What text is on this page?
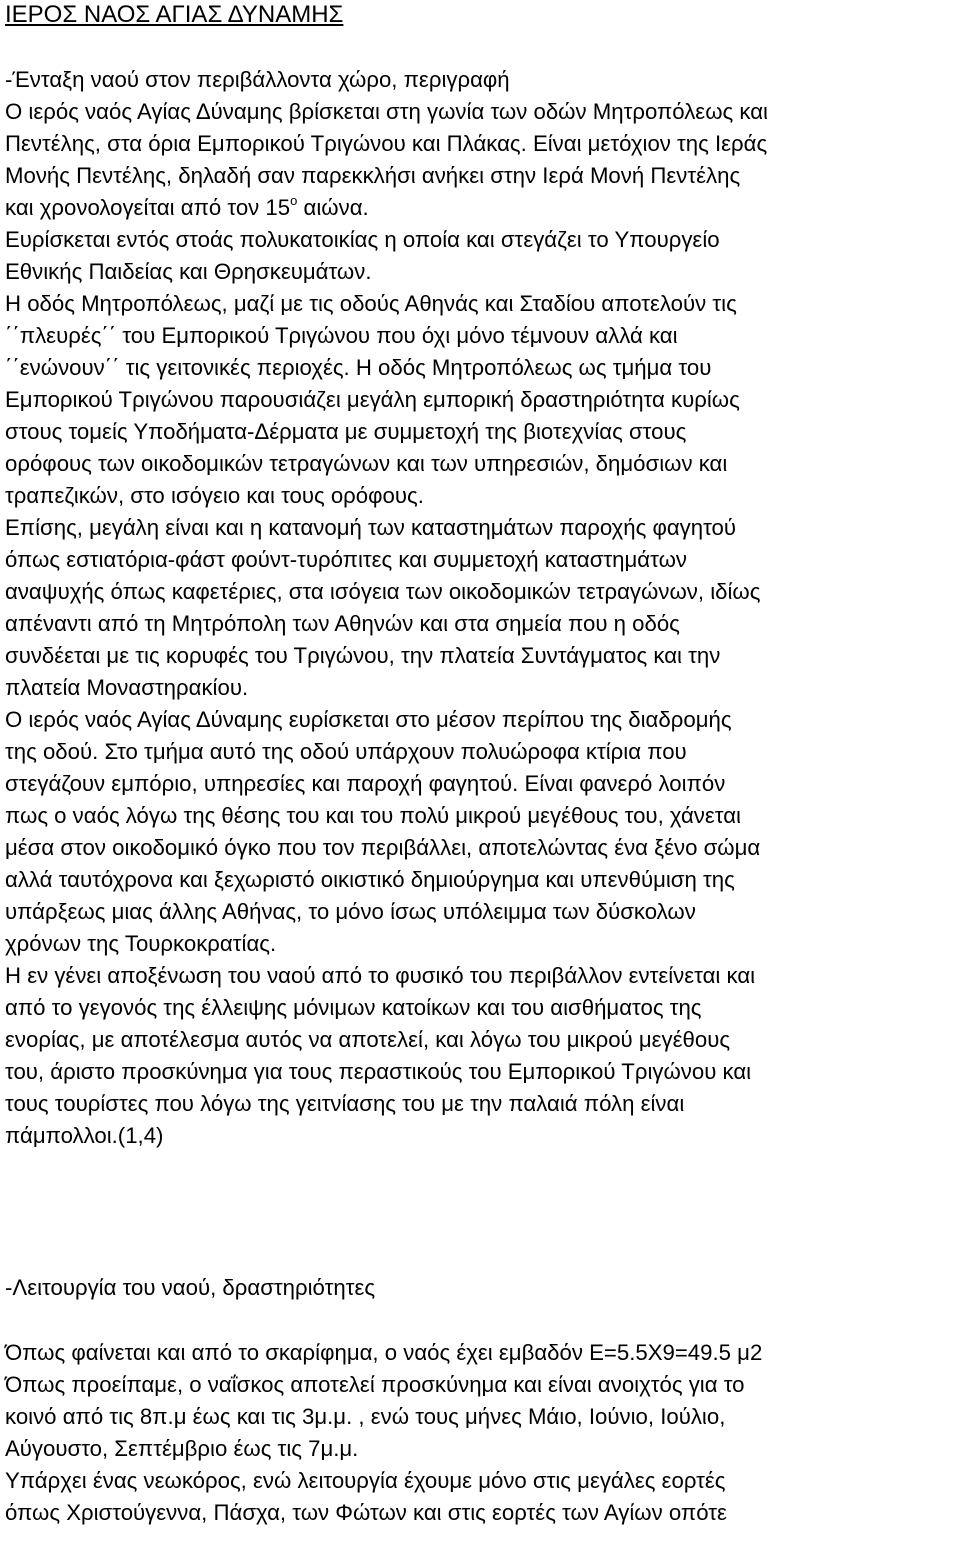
ΙΕΡΟΣ ΝΑΟΣ ΑΓΙΑΣ ΔΥΝΑΜΗΣ
-Ένταξη ναού στον περιβάλλοντα χώρο, περιγραφή
Ο ιερός ναός Αγίας Δύναμης βρίσκεται στη γωνία των οδών Μητροπόλεως και
Πεντέλης, στα όρια Εμπορικού Τριγώνου και Πλάκας. Είναι μετόχιον της Ιεράς
Μονής Πεντέλης, δηλαδή σαν παρεκκλήσι ανήκει στην Ιερά Μονή Πεντέλης
και χρονολογείται από τον $15^o$ αιώνα.
Ευρίσκεται εντός στοάς πολυκατοικίας η οποία και στεγάζει το Υπουργείο
Εθνικής Παιδείας και Θρησκευμάτων.
Η οδός Μητροπόλεως, μαζί με τις οδούς Αθηνάς και Σταδίου αποτελούν τις
΄΄πλευρές΄΄ του Εμπορικού Τριγώνου που όχι μόνο τέμνουν αλλά και
΄΄ενώνουν΄΄ τις γειτονικές περιοχές. Η οδός Μητροπόλεως ως τμήμα του
Εμπορικού Τριγώνου παρουσιάζει μεγάλη εμπορική δραστηριότητα κυρίως
στους τομείς Υποδήματα-Δέρματα με συμμετοχή της βιοτεχνίας στους
ορόφους των οικοδομικών τετραγώνων και των υπηρεσιών, δημόσιων και
τραπεζικών, στο ισόγειο και τους ορόφους.
Επίσης, μεγάλη είναι και η κατανομή των καταστημάτων παροχής φαγητού
όπως εστιατόρια-φάστ φούντ-τυρόπιτες και συμμετοχή καταστημάτων
αναψυχής όπως καφετέριες, στα ισόγεια των οικοδομικών τετραγώνων, ιδίως
απέναντι από τη Μητρόπολη των Αθηνών και στα σημεία που η οδός
συνδέεται με τις κορυφές του Τριγώνου, την πλατεία Συντάγματος και την
πλατεία Μοναστηρακίου.
Ο ιερός ναός Αγίας Δύναμης ευρίσκεται στο μέσον περίπου της διαδρομής
της οδού. Στο τμήμα αυτό της οδού υπάρχουν πολυώροφα κτίρια που
στεγάζουν εμπόριο, υπηρεσίες και παροχή φαγητού. Είναι φανερό λοιπόν
πως ο ναός λόγω της θέσης του και του πολύ μικρού μεγέθους του, χάνεται
μέσα στον οικοδομικό όγκο που τον περιβάλλει, αποτελώντας ένα ξένο σώμα
αλλά ταυτόχρονα και ξεχωριστό οικιστικό δημιούργημα και υπενθύμιση της
υπάρξεως μιας άλλης Αθήνας, το μόνο ίσως υπόλειμμα των δύσκολων
χρόνων της Τουρκοκρατίας.
Η εν γένει αποξένωση του ναού από το φυσικό του περιβάλλον εντείνεται και
από το γεγονός της έλλειψης μόνιμων κατοίκων και του αισθήματος της
ενορίας, με αποτέλεσμα αυτός να αποτελεί, και λόγω του μικρού μεγέθους
του, άριστο προσκύνημα για τους περαστικούς του Εμπορικού Τριγώνου και
τους τουρίστες που λόγω της γειτνίασης του με την παλαιά πόλη είναι
πάμπολλοι.(1,4)
-Λειτουργία του ναού, δραστηριότητες
Όπως φαίνεται και από το σκαρίφημα, ο ναός έχει εμβαδόν Ε=5.5Χ9=49.5 μ2
Όπως προείπαμε, ο ναΐσκος αποτελεί προσκύνημα και είναι ανοιχτός για το
κοινό από τις 8π.μ έως και τις 3μ.μ. , ενώ τους μήνες Μάιο, Ιούνιο, Ιούλιο,
Αύγουστο, Σεπτέμβριο έως τις 7μ.μ.
Υπάρχει ένας νεωκόρος, ενώ λειτουργία έχουμε μόνο στις μεγάλες εορτές
όπως Χριστούγεννα, Πάσχα, των Φώτων και στις εορτές των Αγίων οπότε
